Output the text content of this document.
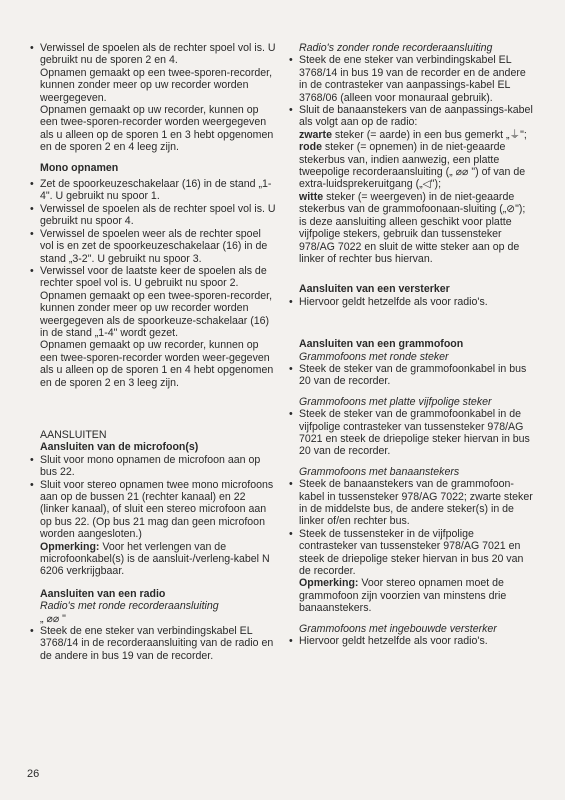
• Verwissel de spoelen als de rechter spoel vol is. U gebruikt nu de sporen 2 en 4.

Opnamen gemaakt op een twee-sporen-recorder, kunnen zonder meer op uw recorder worden weergegeven.

Opnamen gemaakt op uw recorder, kunnen op een twee-sporen-recorder worden weergegeven als u alleen op de sporen 1 en 3 hebt opgenomen en de sporen 2 en 4 leeg zijn.

Mono opnamen

• Zet de spoorkeuzeschakelaar (16) in de stand „1-4". U gebruikt nu spoor 1.
• Verwissel de spoelen als de rechter spoel vol is. U gebruikt nu spoor 4.
• Verwissel de spoelen weer als de rechter spoel vol is en zet de spoorkeuzeschakelaar (16) in de stand „3-2". U gebruikt nu spoor 3.
• Verwissel voor de laatste keer de spoelen als de rechter spoel vol is. U gebruikt nu spoor 2.

Opnamen gemaakt op een twee-sporen-recorder, kunnen zonder meer op uw recorder worden weergegeven als de spoorkeuze-schakelaar (16) in de stand „1-4" wordt gezet.

Opnamen gemaakt op uw recorder, kunnen op een twee-sporen-recorder worden weer-gegeven als u alleen op de sporen 1 en 4 hebt opgenomen en de sporen 2 en 3 leeg zijn.

AANSLUITEN

Aansluiten van de microfoon(s)

• Sluit voor mono opnamen de microfoon aan op bus 22.
• Sluit voor stereo opnamen twee mono microfoons aan op de bussen 21 (rechter kanaal) en 22 (linker kanaal), of sluit een stereo microfoon aan op bus 22. (Op bus 21 mag dan geen microfoon worden aangesloten.)

Opmerking: Voor het verlengen van de microfoonkabel(s) is de aansluit-/verleng-kabel N 6206 verkrijgbaar.

Aansluiten van een radio

Radio's met ronde recorderaansluiting

„ ⌀⌀ "

• Steek de ene steker van verbindingskabel EL 3768/14 in de recorderaansluiting van de radio en de andere in bus 19 van de recorder.

Radio's zonder ronde recorderaansluiting

• Steek de ene steker van verbindingskabel EL 3768/14 in bus 19 van de recorder en de andere in de contrasteker van aanpassings-kabel EL 3768/06 (alleen voor monauraal gebruik).
• Sluit de banaanstekers van de aanpassings-kabel als volgt aan op de radio:

zwarte steker (= aarde) in een bus gemerkt „⏚";

rode steker (= opnemen) in de niet-geaarde stekerbus van, indien aanwezig, een platte tweepolige recorderaansluiting („ ⌀⌀ ") of van de extra-luidsprekeruitgang („◁");

witte steker (= weergeven) in de niet-geaarde stekerbus van de grammofoonaan-sluiting („⊘"); is deze aansluiting alleen geschikt voor platte vijfpolige stekers, gebruik dan tussensteker 978/AG 7022 en sluit de witte steker aan op de linker of rechter bus hiervan.

Aansluiten van een versterker

• Hiervoor geldt hetzelfde als voor radio's.

Aansluiten van een grammofoon

Grammofoons met ronde steker

• Steek de steker van de grammofoonkabel in bus 20 van de recorder.

Grammofoons met platte vijfpolige steker

• Steek de steker van de grammofoonkabel in de vijfpolige contrasteker van tussensteker 978/AG 7021 en steek de driepolige steker hiervan in bus 20 van de recorder.

Grammofoons met banaanstekers

• Steek de banaanstekers van de grammofoon-kabel in tussensteker 978/AG 7022; zwarte steker in de middelste bus, de andere steker(s) in de linker of/en rechter bus.
• Steek de tussensteker in de vijfpolige contrasteker van tussensteker 978/AG 7021 en steek de driepolige steker hiervan in bus 20 van de recorder.

Opmerking: Voor stereo opnamen moet de grammofoon zijn voorzien van minstens drie banaanstekers.

Grammofoons met ingebouwde versterker

• Hiervoor geldt hetzelfde als voor radio's.
26
